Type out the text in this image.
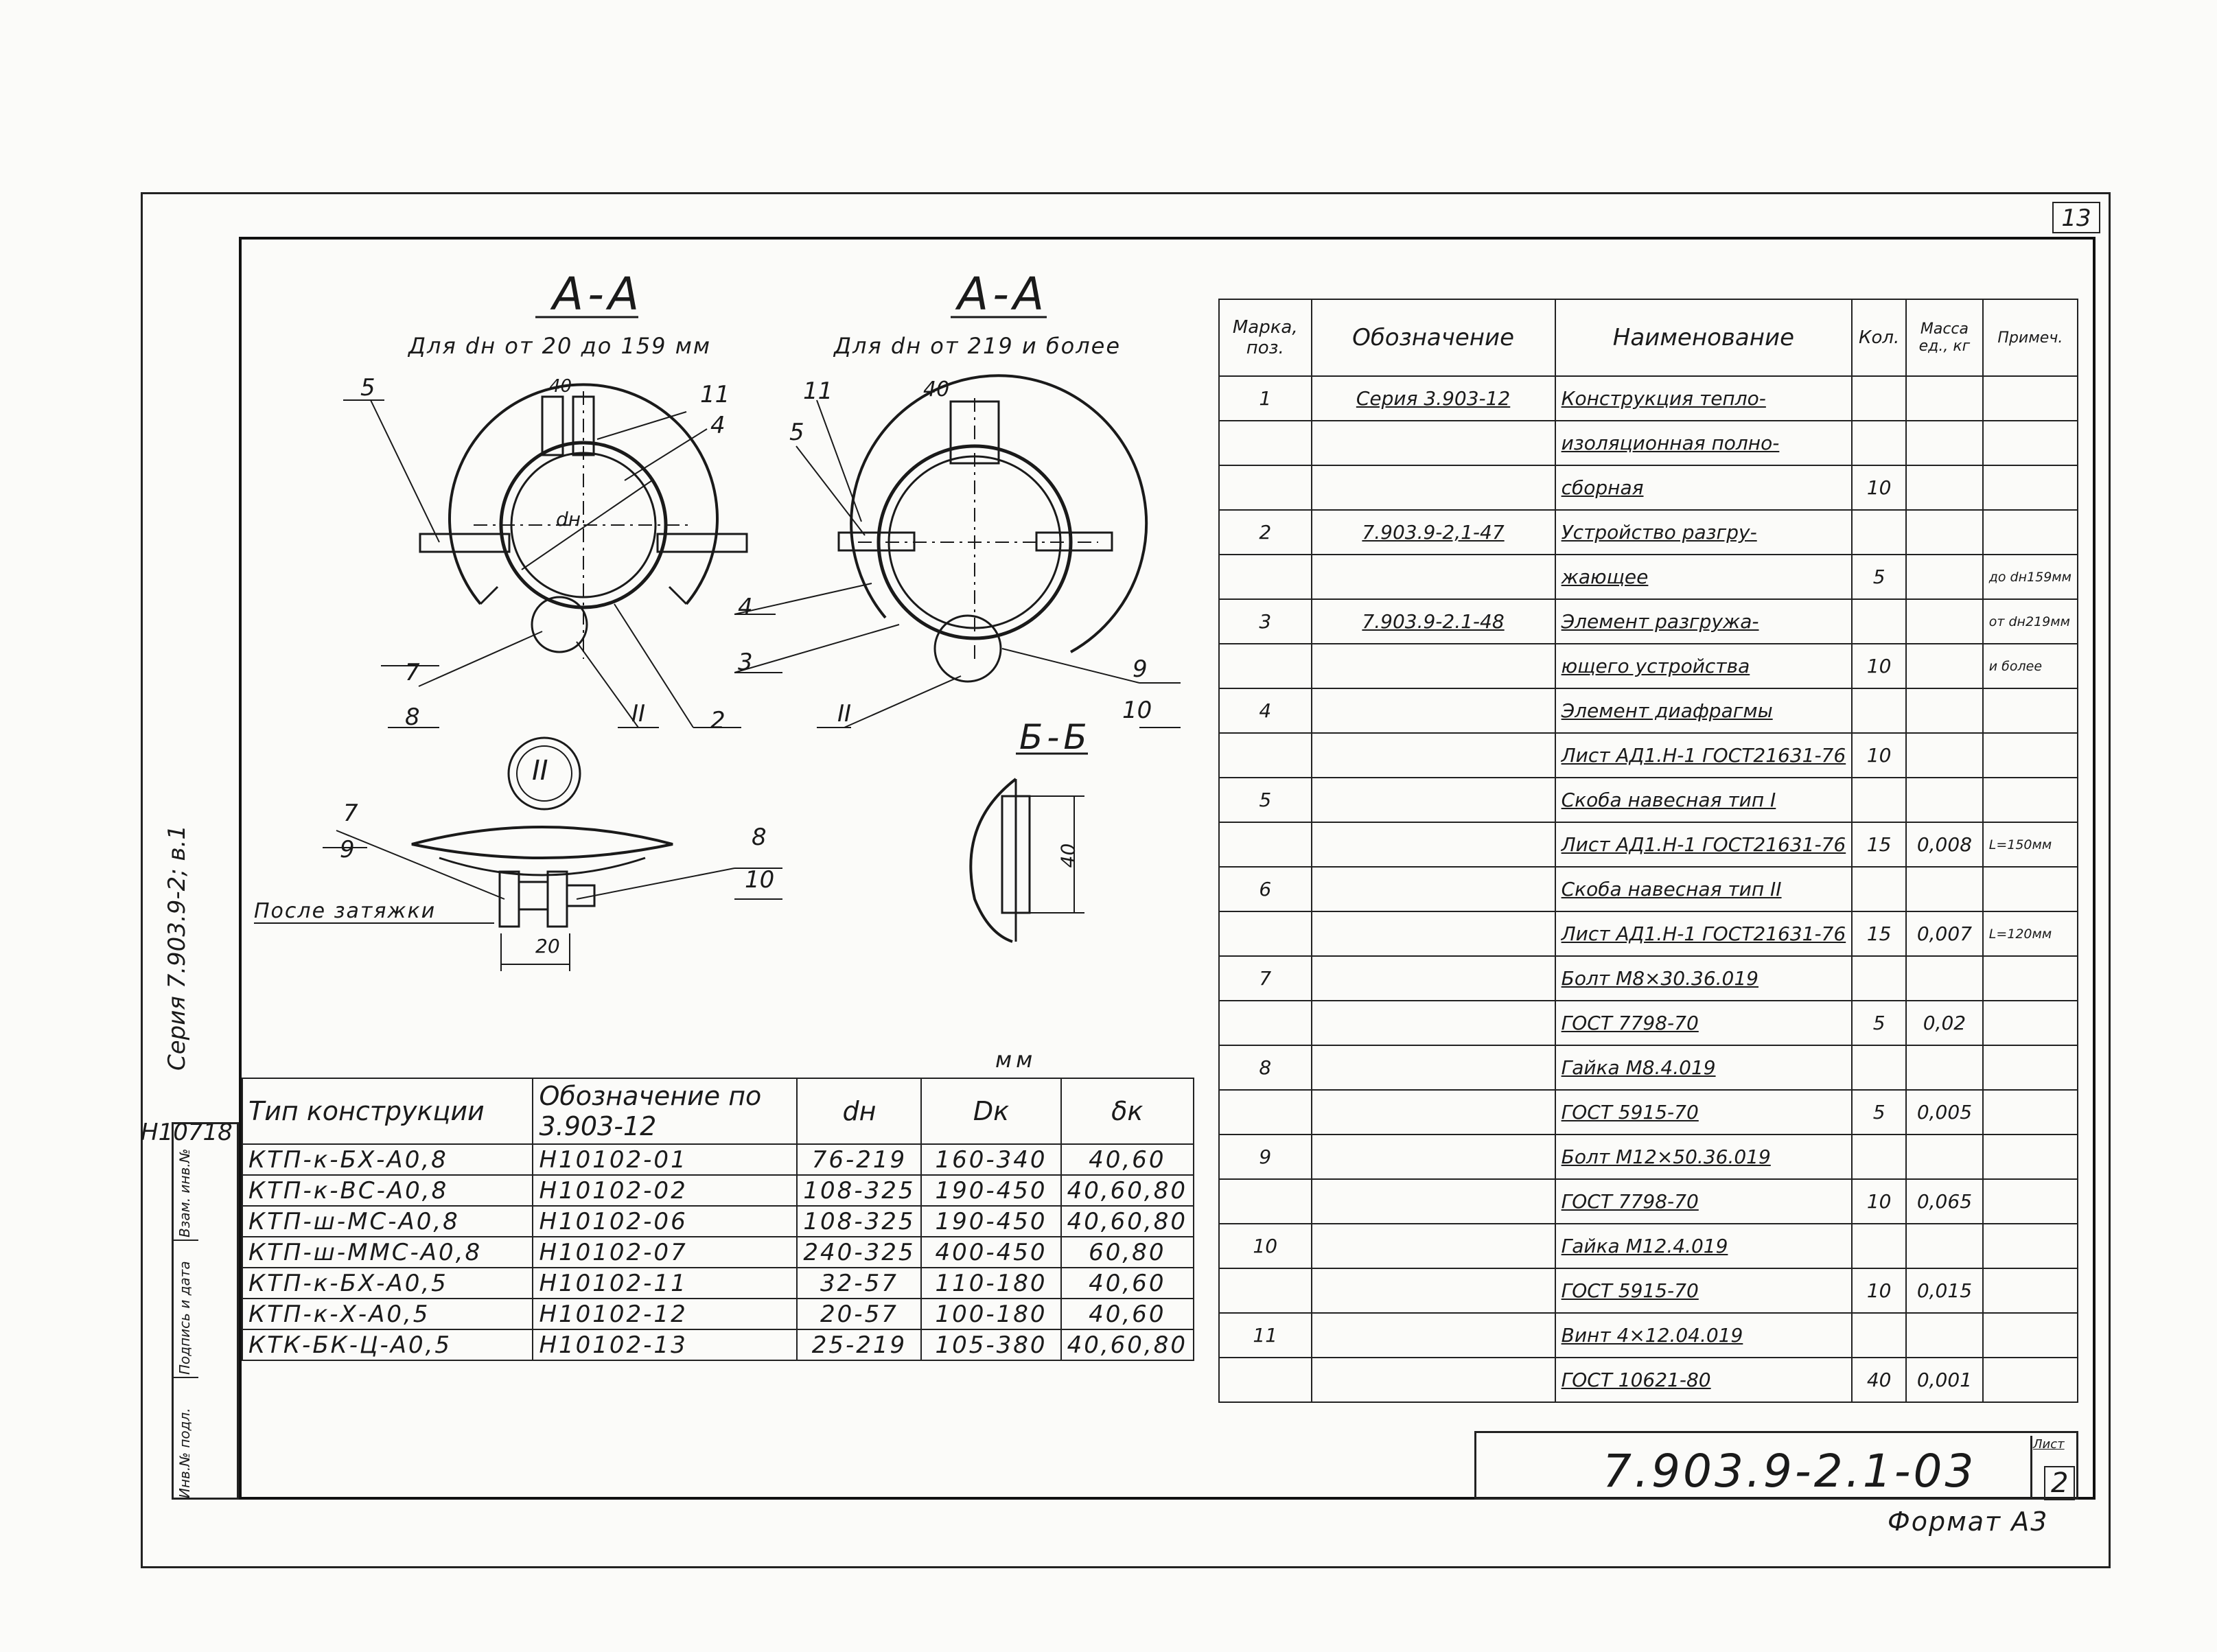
13
Серия 7.903.9-2; в.1
H10718
Взам. инв.№
Подпись и дата
Инв.№ подл.
А-А
Для dн от 20 до 159 мм
А-А
Для dн от 219 и более
Б-Б
II
5	40	11
4
dн
7
8	II	2
11	40
5
4
3
II
9
10
7
9	8
10
После затяжки
20
40
мм
Тип конструкции	Обозначение по 3.903-12	dн	Dк	δк
КТП-к-БХ-А0,8	Н10102-01	76-219	160-340	40,60
КТП-к-ВС-А0,8	Н10102-02	108-325	190-450	40,60,80
КТП-ш-МС-А0,8	Н10102-06	108-325	190-450	40,60,80
КТП-ш-ММС-А0,8	Н10102-07	240-325	400-450	60,80
КТП-к-БХ-А0,5	Н10102-11	32-57	110-180	40,60
КТП-к-Х-А0,5	Н10102-12	20-57	100-180	40,60
КТК-БК-Ц-А0,5	Н10102-13	25-219	105-380	40,60,80
Марка, поз.	Обозначение	Наименование	Кол.	Масса ед., кг	Примеч.
1	Серия 3.903-12	Конструкция тепло-			
		изоляционная полно-			
		сборная	10		
2	7.903.9-2,1-47	Устройство разгру-			
		жающее	5		до dн159мм
3	7.903.9-2.1-48	Элемент разгружа-			от dн219мм
		ющего устройства	10		и более
4		Элемент диафрагмы			
		Лист АД1.Н-1 ГОСТ21631-76	10		
5		Скоба навесная тип I			
		Лист АД1.Н-1 ГОСТ21631-76	15	0,008	L=150мм
6		Скоба навесная тип II			
		Лист АД1.Н-1 ГОСТ21631-76	15	0,007	L=120мм
7		Болт М8×30.36.019			
		ГОСТ 7798-70	5	0,02	
8		Гайка М8.4.019			
		ГОСТ 5915-70	5	0,005	
9		Болт М12×50.36.019			
		ГОСТ 7798-70	10	0,065	
10		Гайка М12.4.019			
		ГОСТ 5915-70	10	0,015	
11		Винт 4×12.04.019			
		ГОСТ 10621-80	40	0,001	
7.903.9-2.1-03
Лист
2
Формат А3
